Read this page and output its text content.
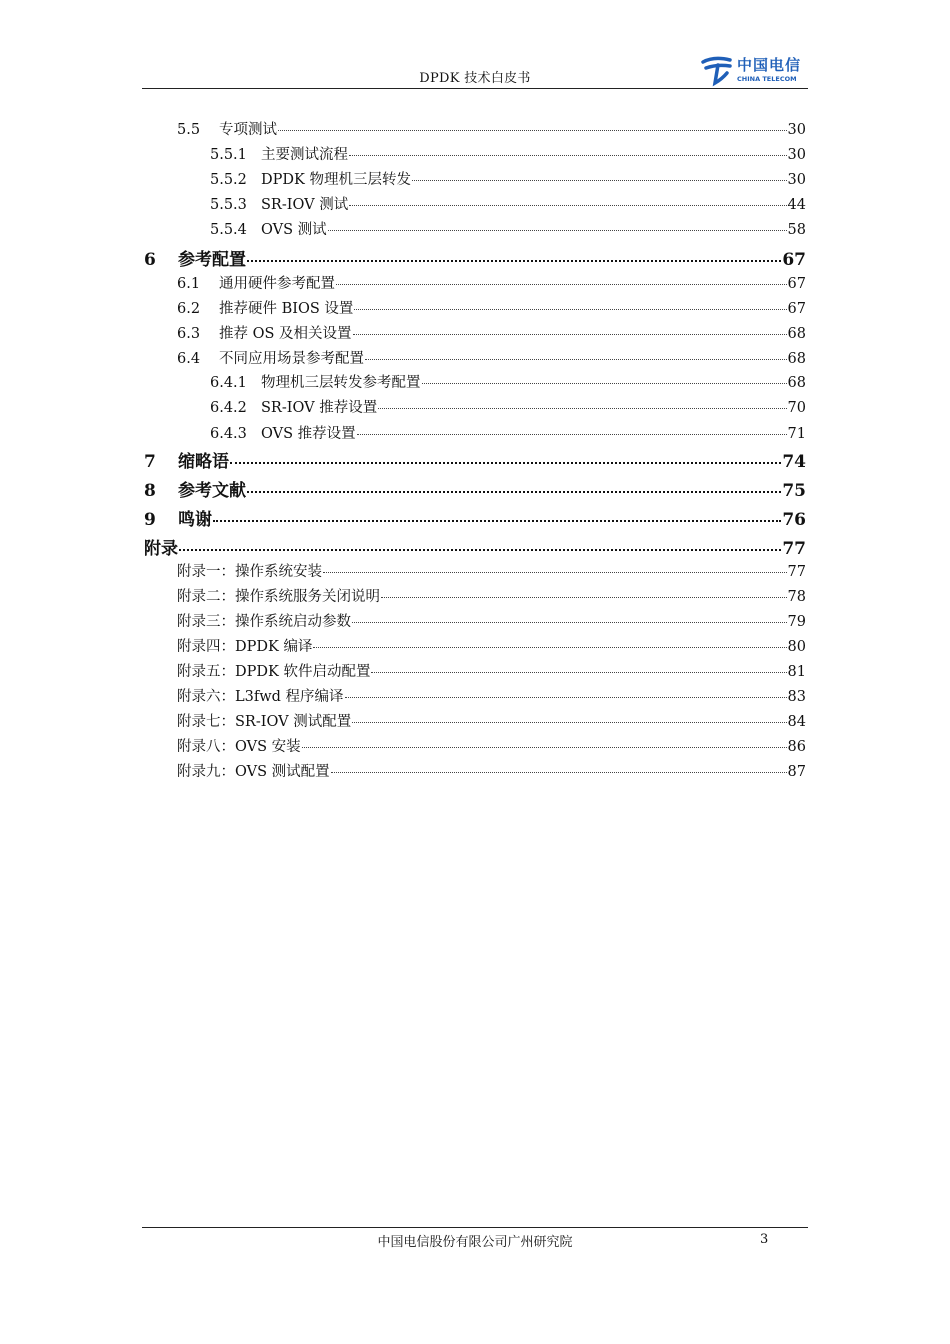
DPDK 技术白皮书
中国电信
CHINA TELECOM
5.5	专项测试	30
5.5.1 主要测试流程	30
5.5.2 DPDK 物理机三层转发	30
5.5.3 SR-IOV 测试	44
5.5.4 OVS 测试	58
6	参考配置	67
6.1	通用硬件参考配置	67
6.2	推荐硬件 BIOS 设置	67
6.3	推荐 OS 及相关设置	68
6.4	不同应用场景参考配置	68
6.4.1 物理机三层转发参考配置	68
6.4.2 SR-IOV 推荐设置	70
6.4.3 OVS 推荐设置	71
7	缩略语	74
8	参考文献	75
9	鸣谢	76
附录	77
附录一：操作系统安装	77
附录二：操作系统服务关闭说明	78
附录三：操作系统启动参数	79
附录四：DPDK 编译	80
附录五：DPDK 软件启动配置	81
附录六：L3fwd 程序编译	83
附录七：SR-IOV 测试配置	84
附录八：OVS 安装	86
附录九：OVS 测试配置	87
中国电信股份有限公司广州研究院	3
